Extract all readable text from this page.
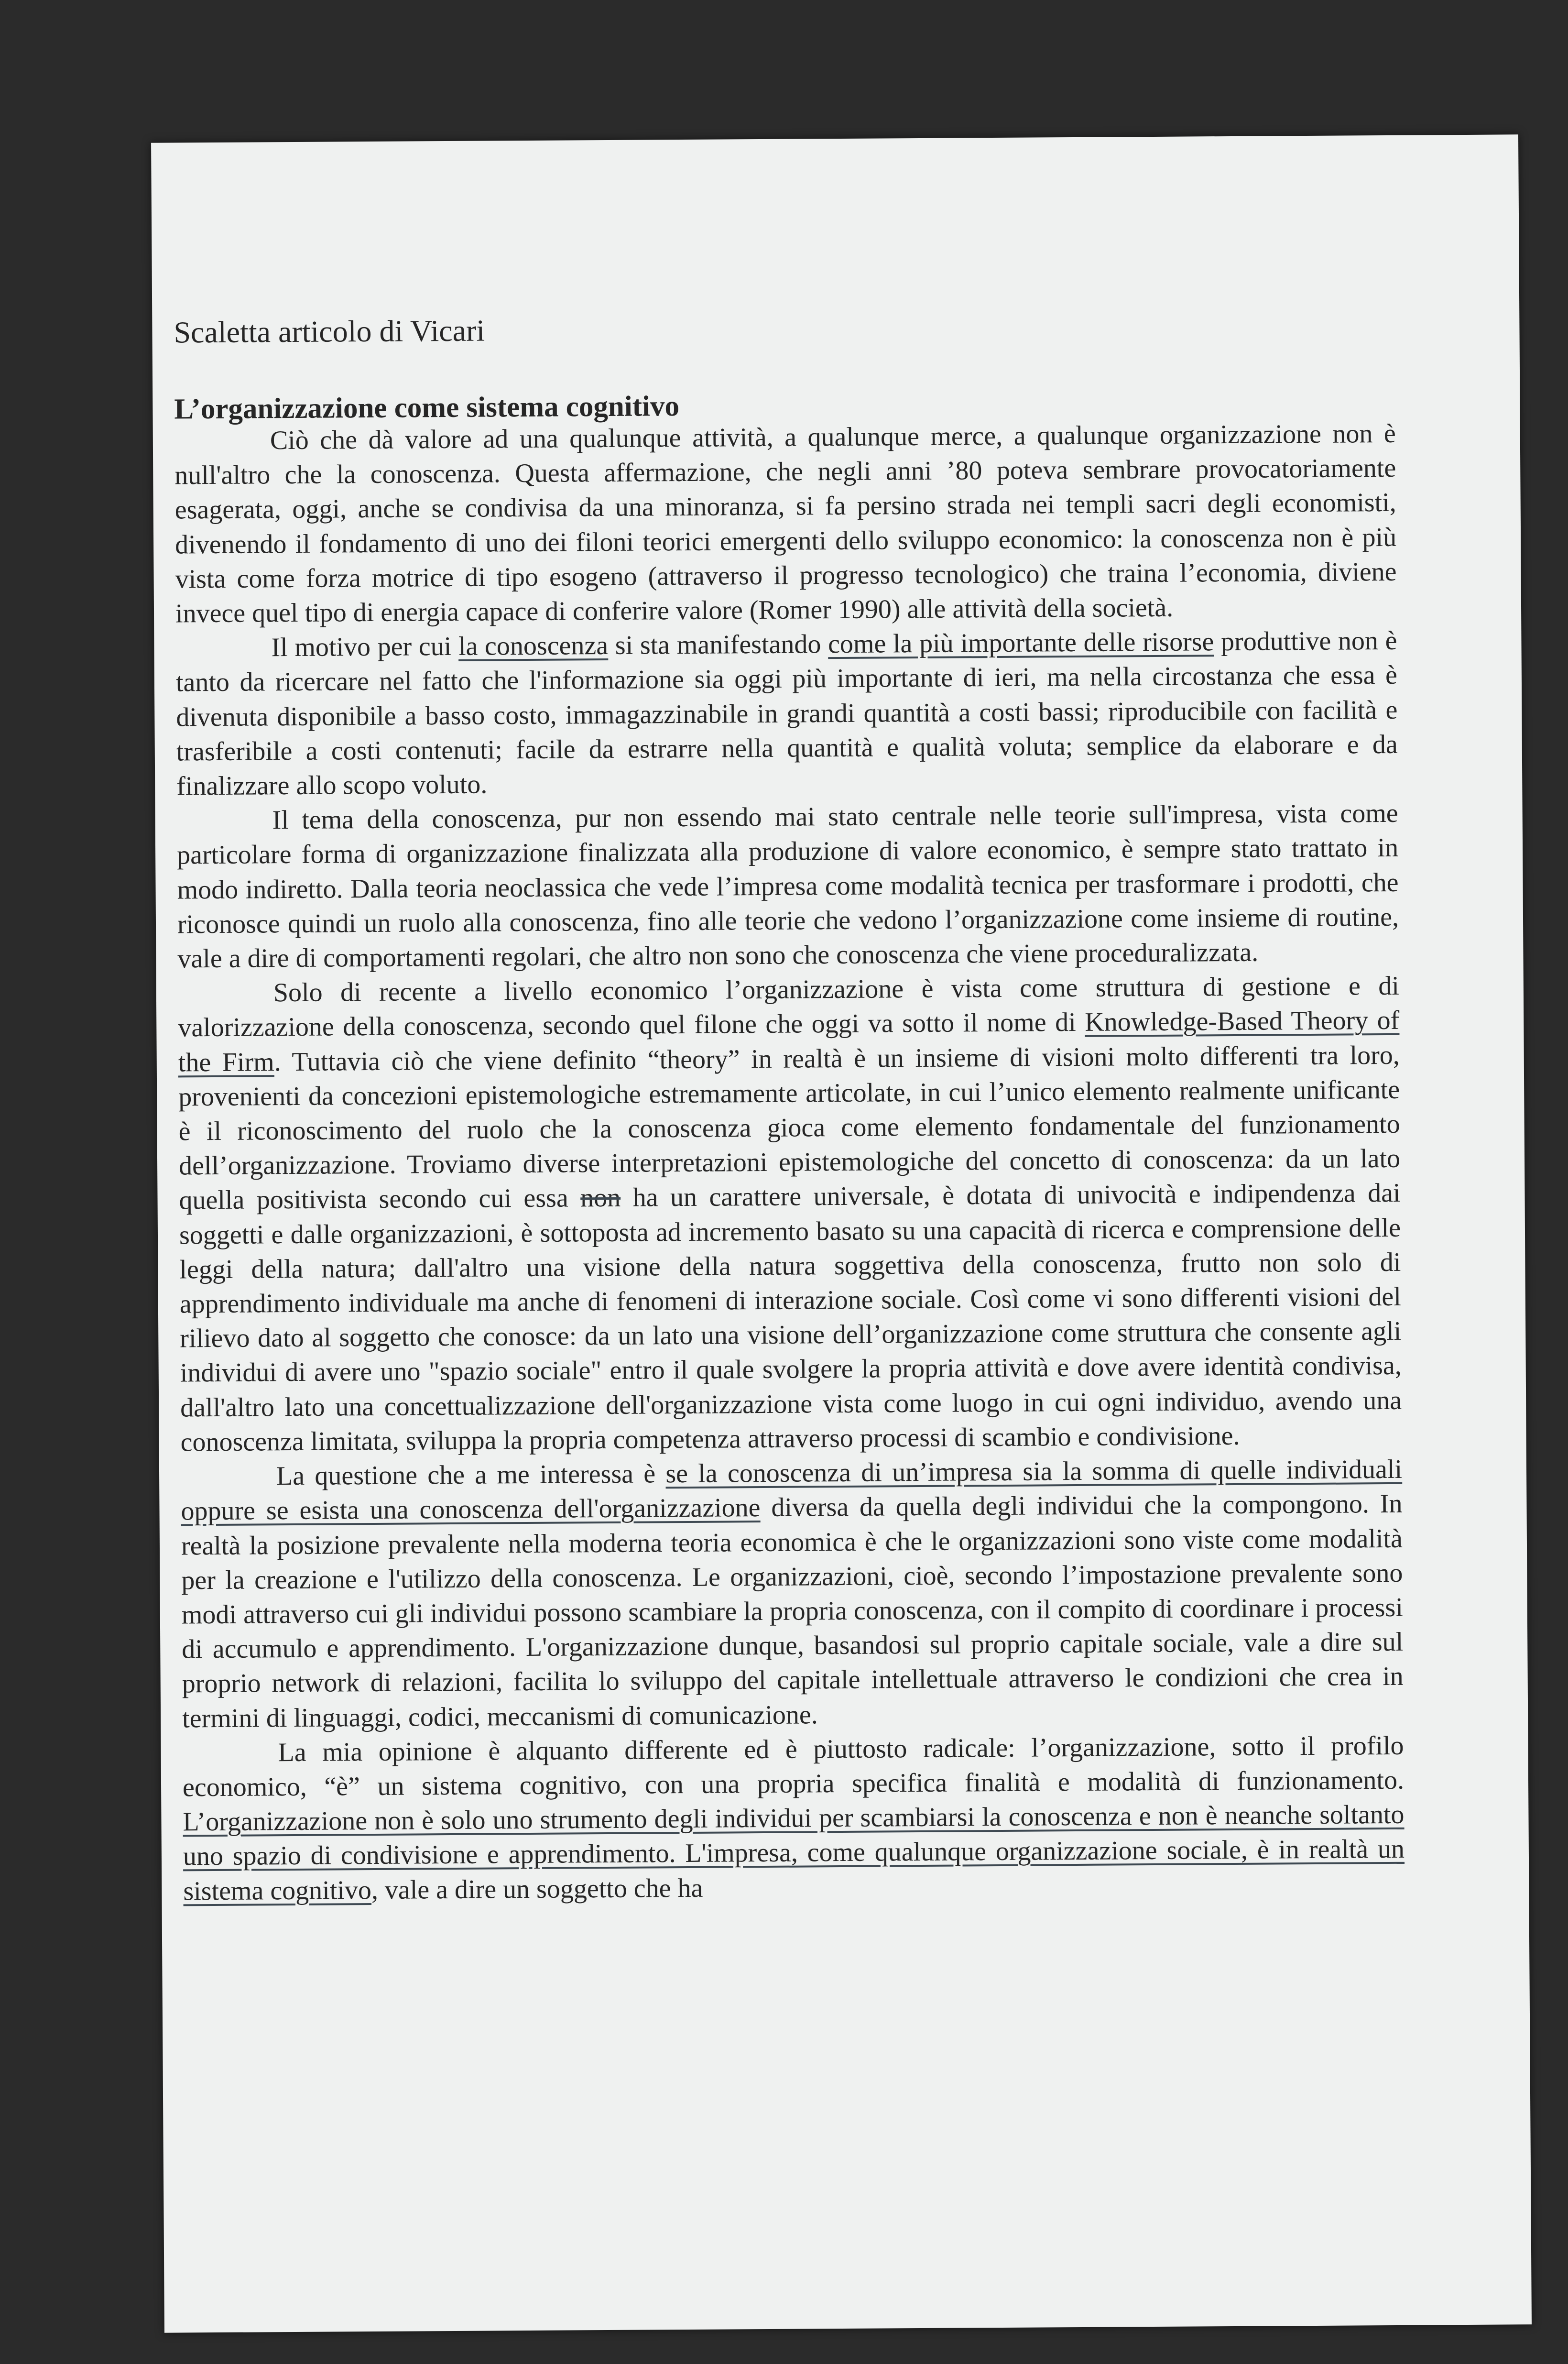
Scaletta articolo di Vicari
L’organizzazione come sistema cognitivo

Ciò che dà valore ad una qualunque attività, a qualunque merce, a qualunque organizzazione non è null'altro che la conoscenza. Questa affermazione, che negli anni ’80 poteva sembrare provocatoriamente esagerata, oggi, anche se condivisa da una minoranza, si fa persino strada nei templi sacri degli economisti, divenendo il fondamento di uno dei filoni teorici emergenti dello sviluppo economico: la conoscenza non è più vista come forza motrice di tipo esogeno (attraverso il progresso tecnologico) che traina l’economia, diviene invece quel tipo di energia capace di conferire valore (Romer 1990) alle attività della società.

Il motivo per cui la conoscenza si sta manifestando come la più importante delle risorse produttive non è tanto da ricercare nel fatto che l'informazione sia oggi più importante di ieri, ma nella circostanza che essa è divenuta disponibile a basso costo, immagazzinabile in grandi quantità a costi bassi; riproducibile con facilità e trasferibile a costi contenuti; facile da estrarre nella quantità e qualità voluta; semplice da elaborare e da finalizzare allo scopo voluto.

Il tema della conoscenza, pur non essendo mai stato centrale nelle teorie sull'impresa, vista come particolare forma di organizzazione finalizzata alla produzione di valore economico, è sempre stato trattato in modo indiretto. Dalla teoria neoclassica che vede l’impresa come modalità tecnica per trasformare i prodotti, che riconosce quindi un ruolo alla conoscenza, fino alle teorie che vedono l’organizzazione come insieme di routine, vale a dire di comportamenti regolari, che altro non sono che conoscenza che viene proceduralizzata.

Solo di recente a livello economico l’organizzazione è vista come struttura di gestione e di valorizzazione della conoscenza, secondo quel filone che oggi va sotto il nome di Knowledge-Based Theory of the Firm. Tuttavia ciò che viene definito “theory” in realtà è un insieme di visioni molto differenti tra loro, provenienti da concezioni epistemologiche estremamente articolate, in cui l’unico elemento realmente unificante è il riconoscimento del ruolo che la conoscenza gioca come elemento fondamentale del funzionamento dell’organizzazione. Troviamo diverse interpretazioni epistemologiche del concetto di conoscenza: da un lato quella positivista secondo cui essa non ha un carattere universale, è dotata di univocità e indipendenza dai soggetti e dalle organizzazioni, è sottoposta ad incremento basato su una capacità di ricerca e comprensione delle leggi della natura; dall'altro una visione della natura soggettiva della conoscenza, frutto non solo di apprendimento individuale ma anche di fenomeni di interazione sociale. Così come vi sono differenti visioni del rilievo dato al soggetto che conosce: da un lato una visione dell’organizzazione come struttura che consente agli individui di avere uno "spazio sociale" entro il quale svolgere la propria attività e dove avere identità condivisa, dall'altro lato una concettualizzazione dell'organizzazione vista come luogo in cui ogni individuo, avendo una conoscenza limitata, sviluppa la propria competenza attraverso processi di scambio e condivisione.

La questione che a me interessa è se la conoscenza di un’impresa sia la somma di quelle individuali oppure se esista una conoscenza dell'organizzazione diversa da quella degli individui che la compongono. In realtà la posizione prevalente nella moderna teoria economica è che le organizzazioni sono viste come modalità per la creazione e l'utilizzo della conoscenza. Le organizzazioni, cioè, secondo l’impostazione prevalente sono modi attraverso cui gli individui possono scambiare la propria conoscenza, con il compito di coordinare i processi di accumulo e apprendimento. L'organizzazione dunque, basandosi sul proprio capitale sociale, vale a dire sul proprio network di relazioni, facilita lo sviluppo del capitale intellettuale attraverso le condizioni che crea in termini di linguaggi, codici, meccanismi di comunicazione.

La mia opinione è alquanto differente ed è piuttosto radicale: l’organizzazione, sotto il profilo economico, “è” un sistema cognitivo, con una propria specifica finalità e modalità di funzionamento. L’organizzazione non è solo uno strumento degli individui per scambiarsi la conoscenza e non è neanche soltanto uno spazio di condivisione e apprendimento. L'impresa, come qualunque organizzazione sociale, è in realtà un sistema cognitivo, vale a dire un soggetto che ha
